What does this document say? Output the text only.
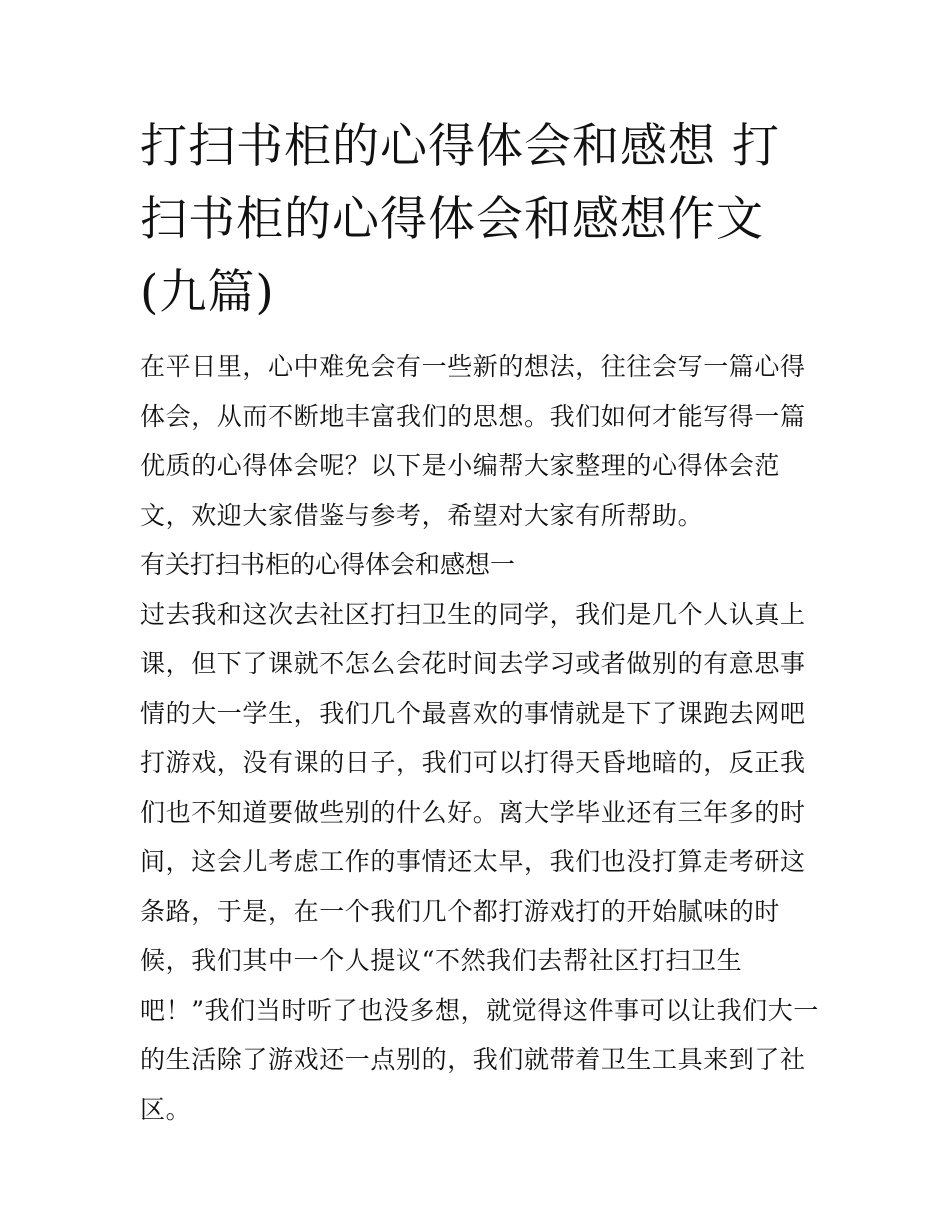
打扫书柜的心得体会和感想 打扫书柜的心得体会和感想作文(九篇)

在平日里，心中难免会有一些新的想法，往往会写一篇心得体会，从而不断地丰富我们的思想。我们如何才能写得一篇优质的心得体会呢？以下是小编帮大家整理的心得体会范文，欢迎大家借鉴与参考，希望对大家有所帮助。

有关打扫书柜的心得体会和感想一

过去我和这次去社区打扫卫生的同学，我们是几个人认真上课，但下了课就不怎么会花时间去学习或者做别的有意思事情的大一学生，我们几个最喜欢的事情就是下了课跑去网吧打游戏，没有课的日子，我们可以打得天昏地暗的，反正我们也不知道要做些别的什么好。离大学毕业还有三年多的时间，这会儿考虑工作的事情还太早，我们也没打算走考研这条路，于是，在一个我们几个都打游戏打的开始腻味的时候，我们其中一个人提议“不然我们去帮社区打扫卫生吧！”我们当时听了也没多想，就觉得这件事可以让我们大一的生活除了游戏还一点别的，我们就带着卫生工具来到了社区。
